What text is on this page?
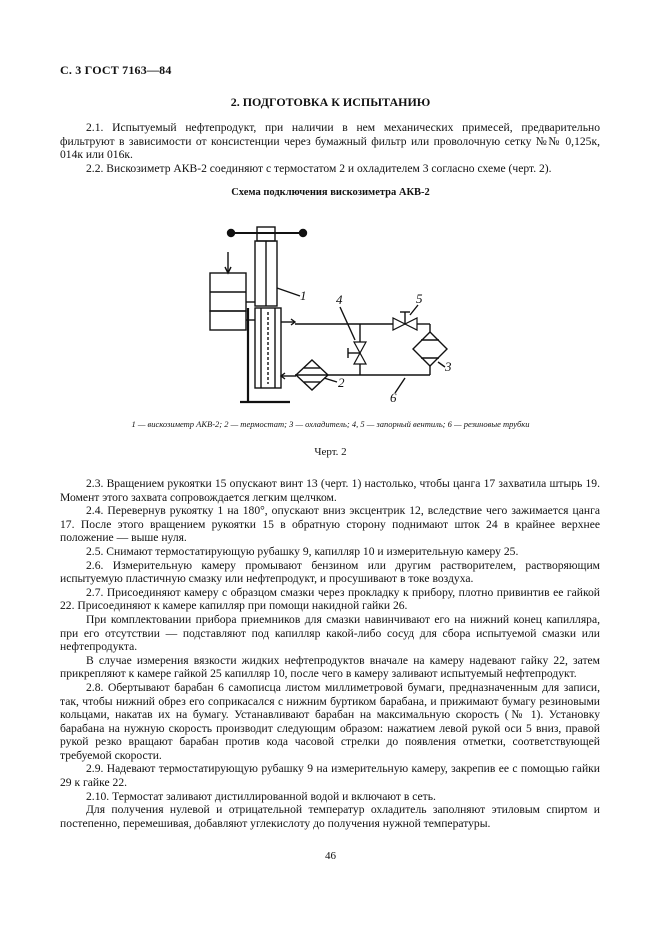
С. 3 ГОСТ 7163—84
2. ПОДГОТОВКА К ИСПЫТАНИЮ

2.1. Испытуемый нефтепродукт, при наличии в нем механических примесей, предварительно фильтруют в зависимости от консистенции через бумажный фильтр или проволочную сетку №№ 0,125к, 014к или 016к.

2.2. Вискозиметр АКВ-2 соединяют с термостатом 2 и охладителем 3 согласно схеме (черт. 2).

Схема подключения вискозиметра АКВ-2
1
2
3
4	5
6
1 — вискозиметр АКВ-2; 2 — термостат; 3 — охладитель; 4, 5 — запорный вентиль; 6 — резиновые трубки
Черт. 2

2.3. Вращением рукоятки 15 опускают винт 13 (черт. 1) настолько, чтобы цанга 17 захватила штырь 19. Момент этого захвата сопровождается легким щелчком.

2.4. Перевернув рукоятку 1 на 180°, опускают вниз эксцентрик 12, вследствие чего зажимается цанга 17. После этого вращением рукоятки 15 в обратную сторону поднимают шток 24 в крайнее верхнее положение — выше нуля.

2.5. Снимают термостатирующую рубашку 9, капилляр 10 и измерительную камеру 25.

2.6. Измерительную камеру промывают бензином или другим растворителем, растворяющим испытуемую пластичную смазку или нефтепродукт, и просушивают в токе воздуха.

2.7. Присоединяют камеру с образцом смазки через прокладку к прибору, плотно привинтив ее гайкой 22. Присоединяют к камере капилляр при помощи накидной гайки 26.

При комплектовании прибора приемников для смазки навинчивают его на нижний конец капилляра, при его отсутствии — подставляют под капилляр какой-либо сосуд для сбора испытуемой смазки или нефтепродукта.

В случае измерения вязкости жидких нефтепродуктов вначале на камеру надевают гайку 22, затем прикрепляют к камере гайкой 25 капилляр 10, после чего в камеру заливают испытуемый нефтепродукт.

2.8. Обертывают барабан 6 самописца листом миллиметровой бумаги, предназначенным для записи, так, чтобы нижний обрез его соприкасался с нижним буртиком барабана, и прижимают бумагу резиновыми кольцами, накатав их на бумагу. Устанавливают барабан на максимальную скорость (№ 1). Установку барабана на нужную скорость производит следующим образом: нажатием левой рукой оси 5 вниз, правой рукой резко вращают барабан против кода часовой стрелки до появления отметки, соответствующей требуемой скорости.

2.9. Надевают термостатирующую рубашку 9 на измерительную камеру, закрепив ее с помощью гайки 29 к гайке 22.

2.10. Термостат заливают дистиллированной водой и включают в сеть.

Для получения нулевой и отрицательной температур охладитель заполняют этиловым спиртом и постепенно, перемешивая, добавляют углекислоту до получения нужной температуры.

46
